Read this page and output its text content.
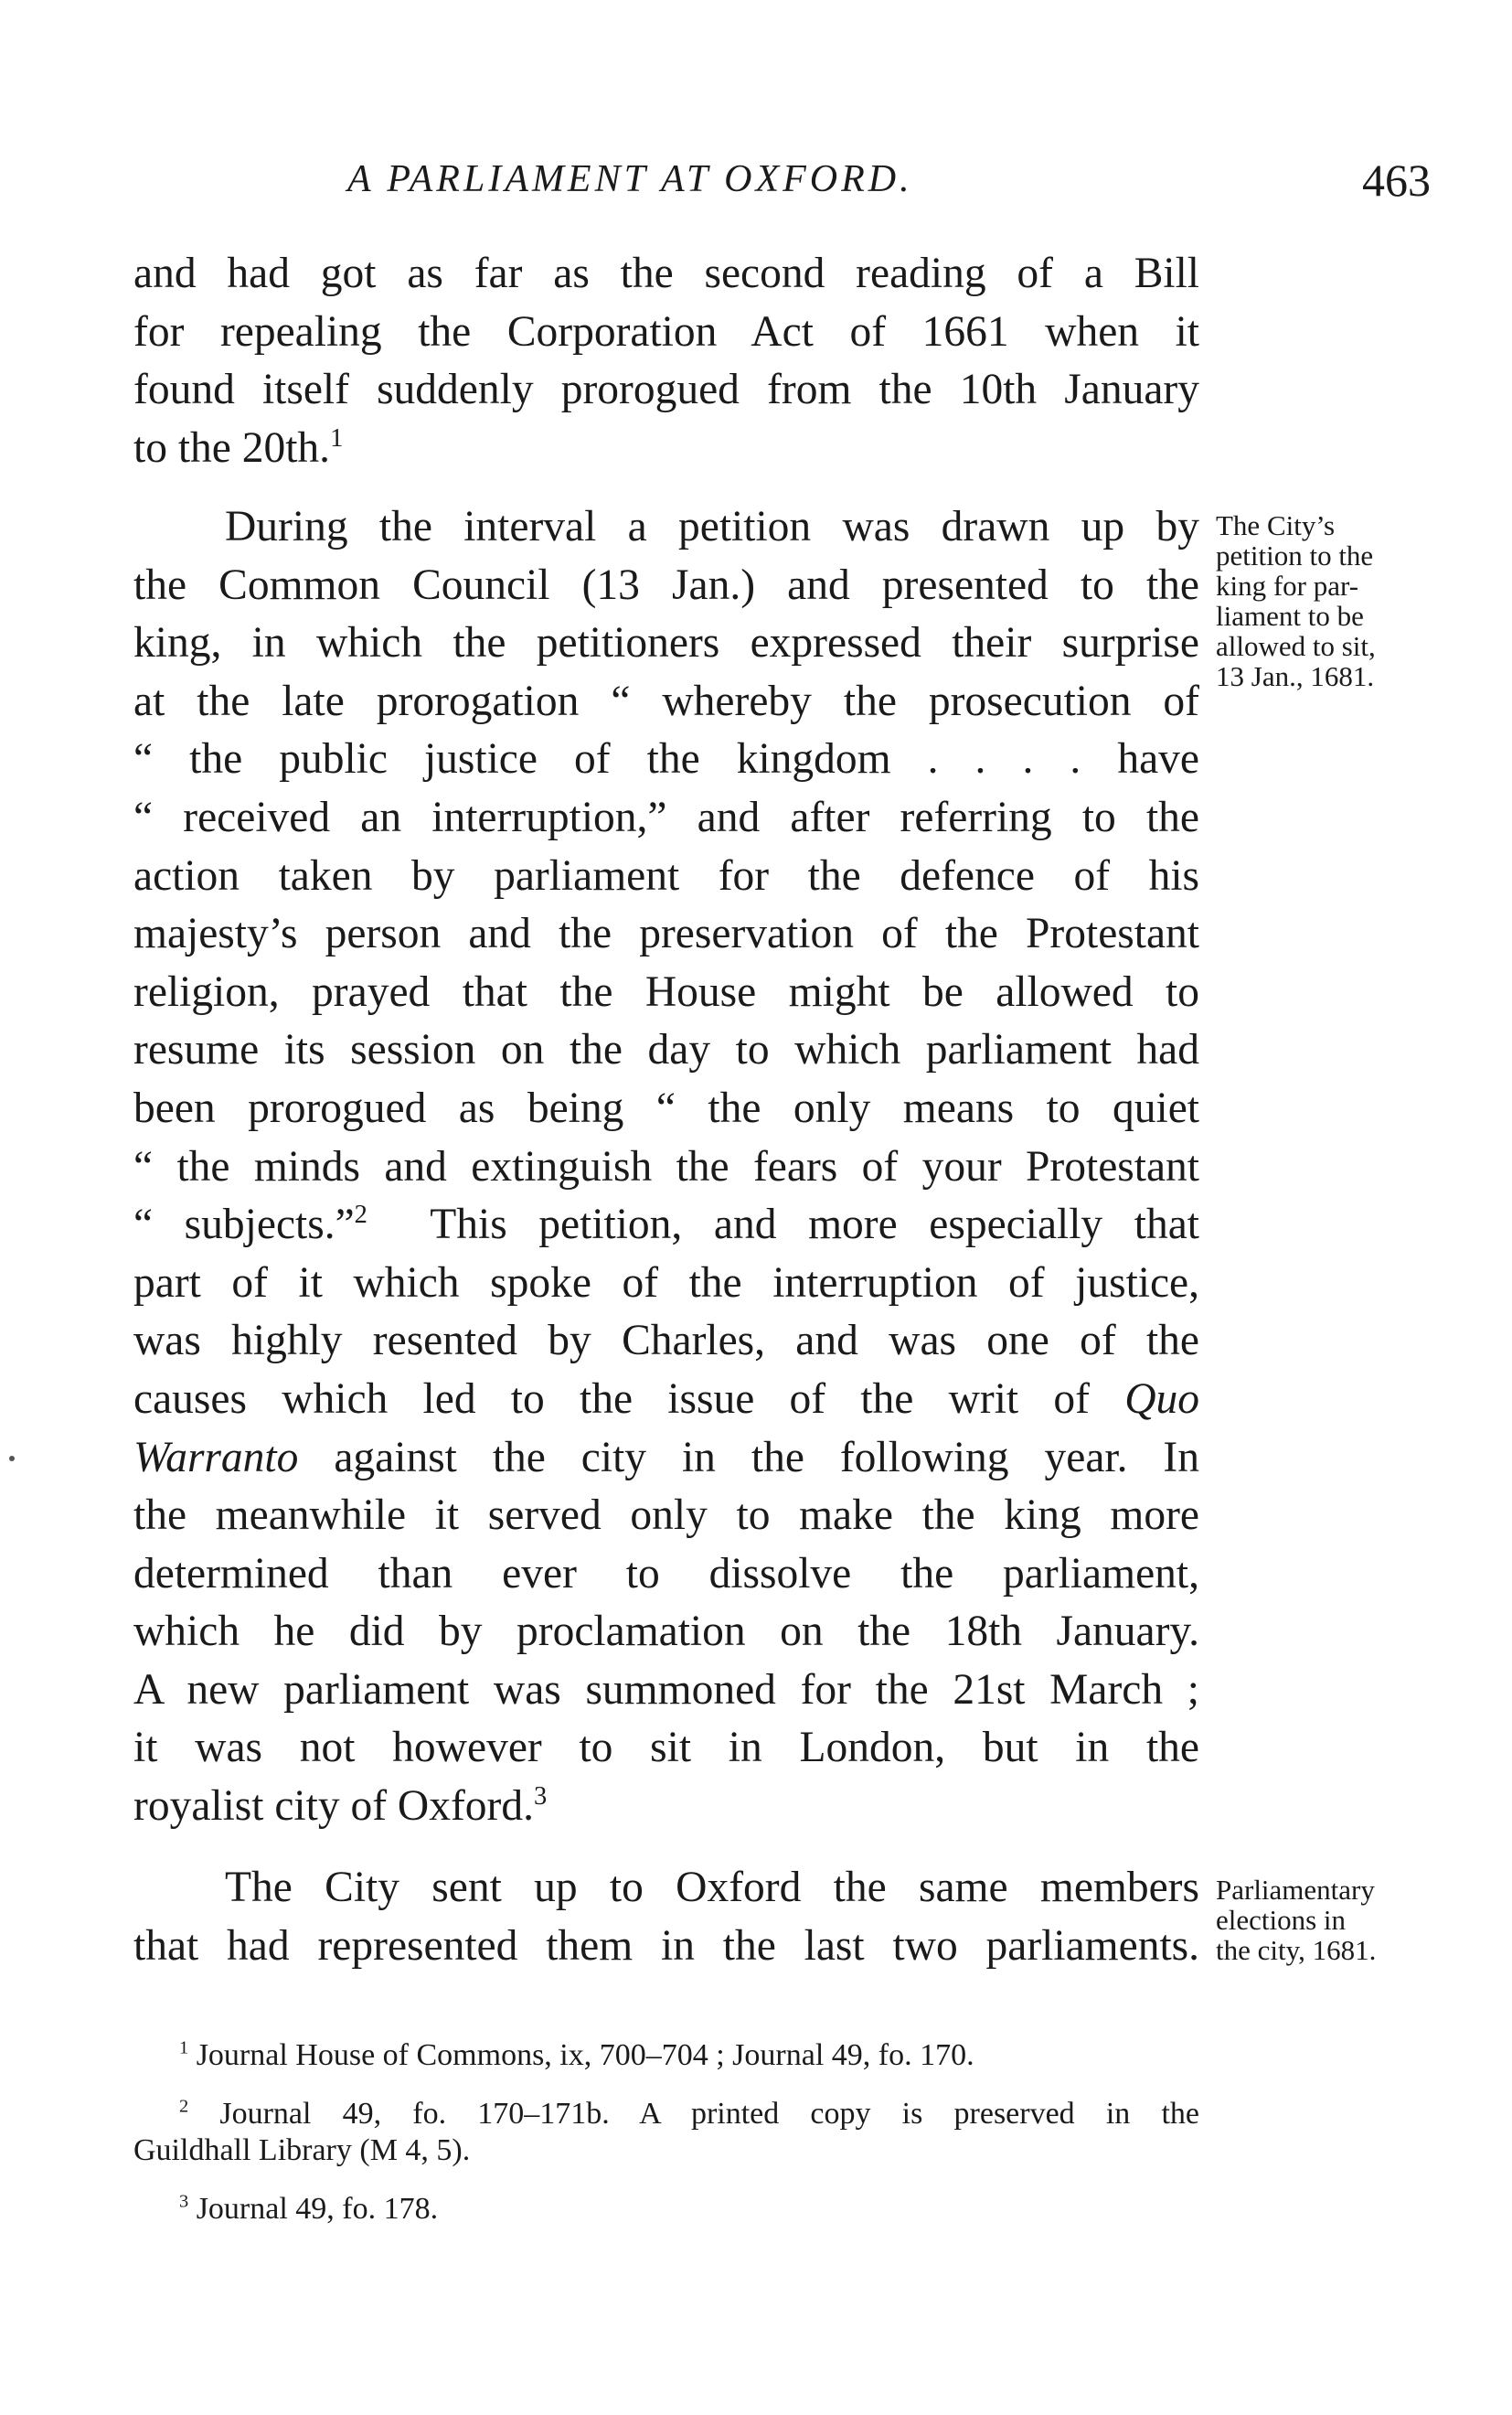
A PARLIAMENT AT OXFORD.	463
and had got as far as the second reading of a Bill
for repealing the Corporation Act of 1661 when it
found itself suddenly prorogued from the 10th January
to the 20th.$^1$
During the interval a petition was drawn up by
the Common Council (13 Jan.) and presented to the
king, in which the petitioners expressed their surprise
at the late prorogation “ whereby the prosecution of
“ the public justice of the kingdom . . . . have
“ received an interruption,” and after referring to the
action taken by parliament for the defence of his
majesty’s person and the preservation of the Protestant
religion, prayed that the House might be allowed to
resume its session on the day to which parliament had
been prorogued as being “ the only means to quiet
“ the minds and extinguish the fears of your Protestant
“ subjects.”$^2$ This petition, and more especially that
part of it which spoke of the interruption of justice,
was highly resented by Charles, and was one of the
causes which led to the issue of the writ of Quo
Warranto against the city in the following year. In
the meanwhile it served only to make the king more
determined than ever to dissolve the parliament,
which he did by proclamation on the 18th January.
A new parliament was summoned for the 21st March ;
it was not however to sit in London, but in the
royalist city of Oxford.$^3$
The City sent up to Oxford the same members
that had represented them in the last two parliaments.
The City’s
petition to the
king for par-
liament to be
allowed to sit,
13 Jan., 1681.
Parliamentary
elections in
the city, 1681.
$^1$ Journal House of Commons, ix, 700–704 ; Journal 49, fo. 170.
$^2$ Journal 49, fo. 170–171b. A printed copy is preserved in the
Guildhall Library (M 4, 5).
$^3$ Journal 49, fo. 178.
